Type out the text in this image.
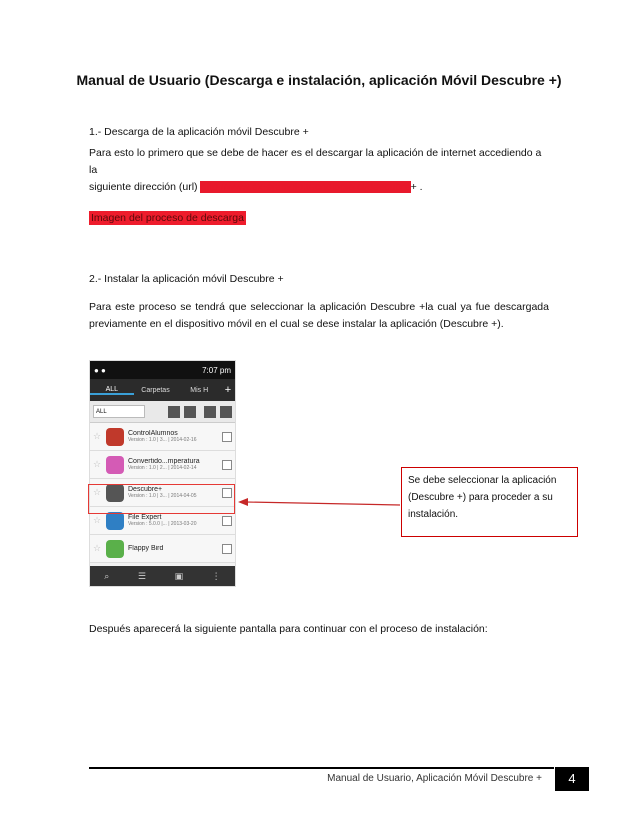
Manual de Usuario (Descarga e instalación, aplicación Móvil Descubre +)
1.- Descarga de la aplicación móvil Descubre +
Para esto lo primero que se debe de hacer es el descargar la aplicación de internet accediendo a la
siguiente dirección (url) http://www.ex-ejemplo.tecnologia.cl/descubre+ .
Imagen del proceso de descarga
2.- Instalar la aplicación móvil Descubre +
Para este proceso se tendrá que seleccionar la aplicación Descubre +la cual ya fue descargada previamente en el dispositivo móvil en el cual se dese instalar la aplicación (Descubre +).
● ●	7:07 pm
ALL	Carpetas	Mis H	+
ALL
☆	ControlAlumnos
Version : 1.0 | 3... | 2014-02-16
☆	Convertido...mperatura
Version : 1.0 | 2... | 2014-02-14
☆	Descubre+
Version : 1.0 | 3... | 2014-04-05
☆	File Expert
Version : 5.0.0 |... | 2013-03-20
☆	Flappy Bird
⌕	☰	▣	⋮
Se debe seleccionar la aplicación (Descubre +) para proceder a su instalación.
Después aparecerá la siguiente pantalla para continuar con el proceso de instalación:
Manual de Usuario, Aplicación Móvil Descubre +	4
